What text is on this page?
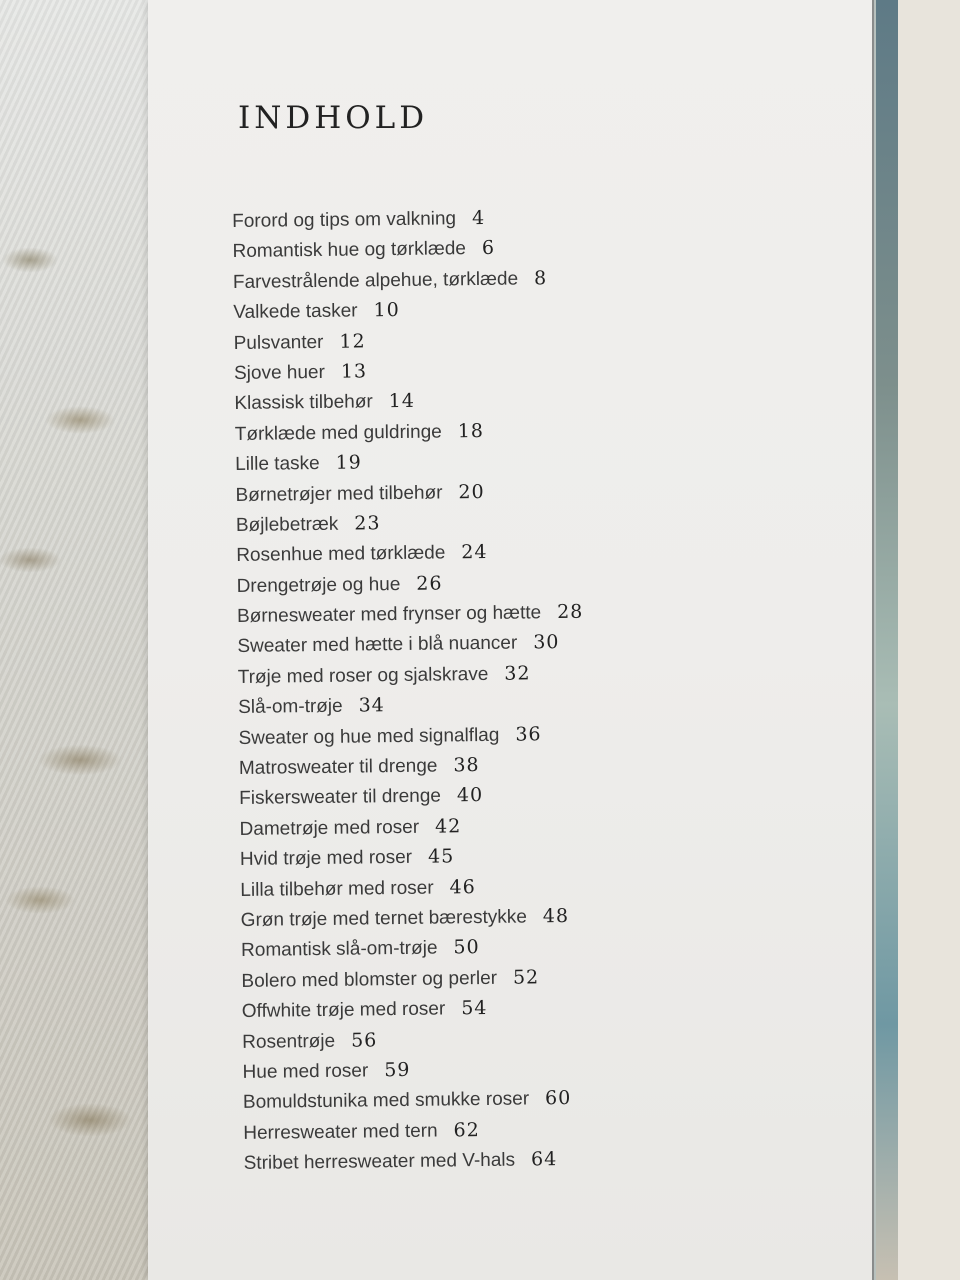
INDHOLD
Forord og tips om valkning 4
Romantisk hue og tørklæde 6
Farvestrålende alpehue, tørklæde 8
Valkede tasker 10
Pulsvanter 12
Sjove huer 13
Klassisk tilbehør 14
Tørklæde med guldringe 18
Lille taske 19
Børnetrøjer med tilbehør 20
Bøjlebetræk 23
Rosenhue med tørklæde 24
Drengetrøje og hue 26
Børnesweater med frynser og hætte 28
Sweater med hætte i blå nuancer 30
Trøje med roser og sjalskrave 32
Slå-om-trøje 34
Sweater og hue med signalflag 36
Matrosweater til drenge 38
Fiskersweater til drenge 40
Dametrøje med roser 42
Hvid trøje med roser 45
Lilla tilbehør med roser 46
Grøn trøje med ternet bærestykke 48
Romantisk slå-om-trøje 50
Bolero med blomster og perler 52
Offwhite trøje med roser 54
Rosentrøje 56
Hue med roser 59
Bomuldstunika med smukke roser 60
Herresweater med tern 62
Stribet herresweater med V-hals 64
